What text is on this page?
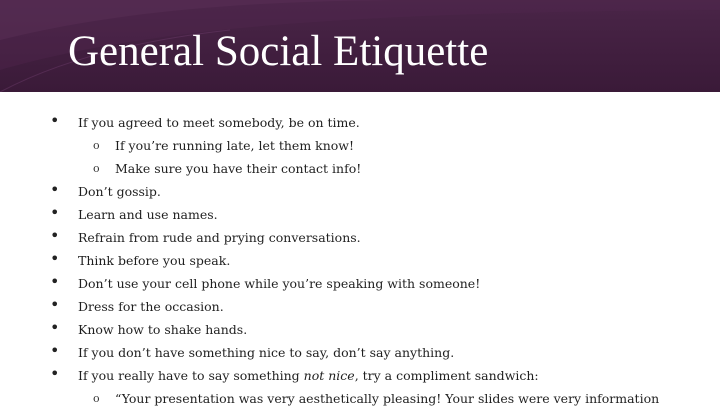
General Social Etiquette
• If you agreed to meet somebody, be on time.
o If you’re running late, let them know!
o Make sure you have their contact info!
• Don’t gossip.
• Learn and use names.
• Refrain from rude and prying conversations.
• Think before you speak.
• Don’t use your cell phone while you’re speaking with someone!
• Dress for the occasion.
• Know how to shake hands.
• If you don’t have something nice to say, don’t say anything.
• If you really have to say something not nice, try a compliment sandwich:
o “Your presentation was very aesthetically pleasing! Your slides were very information
